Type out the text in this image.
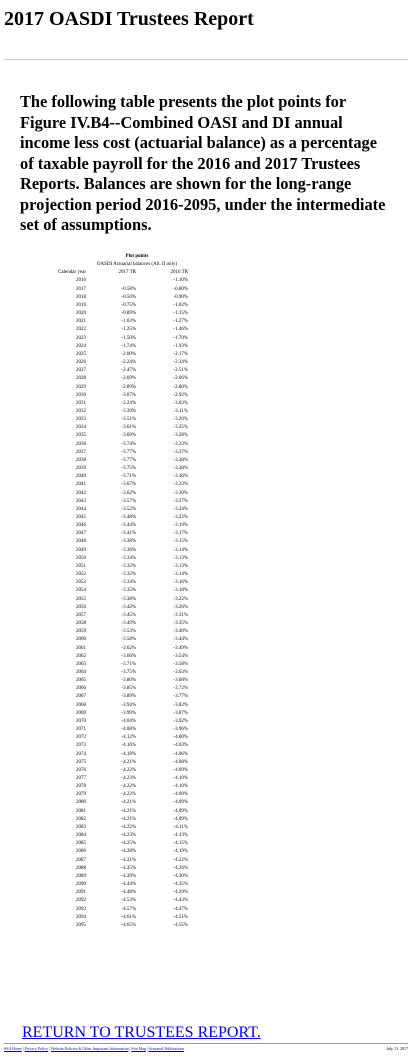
2017 OASDI Trustees Report

The following table presents the plot points for Figure IV.B4--Combined OASI and DI annual income less cost (actuarial balance) as a percentage of taxable payroll for the 2016 and 2017 Trustees Reports. Balances are shown for the long-range projection period 2016-2095, under the intermediate set of assumptions.

	Plot points	
	OASDI Actuarial balances (Alt. II only)	
Calendar year	2017 TR	2016 TR
2016		-1.10%
2017	-0.58%	-0.80%
2018	-0.56%	-0.90%
2019	-0.75%	-1.02%
2020	-0.89%	-1.15%
2021	-1.03%	-1.27%
2022	-1.25%	-1.46%
2023	-1.50%	-1.70%
2024	-1.74%	-1.93%
2025	-2.00%	-2.17%
2026	-2.24%	-2.34%
2027	-2.47%	-2.51%
2028	-2.69%	-2.66%
2029	-2.89%	-2.80%
2030	-3.07%	-2.92%
2031	-3.24%	-3.03%
2032	-3.39%	-3.11%
2033	-3.51%	-3.20%
2034	-3.61%	-3.25%
2035	-3.69%	-3.28%
2036	-3.74%	-3.33%
2037	-3.77%	-3.37%
2038	-3.77%	-3.38%
2039	-3.75%	-3.38%
2040	-3.71%	-3.36%
2041	-3.67%	-3.33%
2042	-3.62%	-3.30%
2043	-3.57%	-3.27%
2044	-3.52%	-3.24%
2045	-3.48%	-3.22%
2046	-3.44%	-3.19%
2047	-3.41%	-3.17%
2048	-3.38%	-3.15%
2049	-3.36%	-3.14%
2050	-3.34%	-3.13%
2051	-3.32%	-3.13%
2052	-3.32%	-3.14%
2053	-3.34%	-3.16%
2054	-3.35%	-3.18%
2055	-3.38%	-3.22%
2056	-3.42%	-3.26%
2057	-3.45%	-3.31%
2058	-3.49%	-3.35%
2059	-3.53%	-3.40%
2060	-3.58%	-3.44%
2061	-3.62%	-3.49%
2062	-3.66%	-3.54%
2063	-3.71%	-3.58%
2064	-3.75%	-3.63%
2065	-3.80%	-3.68%
2066	-3.85%	-3.72%
2067	-3.89%	-3.77%
2068	-3.94%	-3.82%
2069	-3.99%	-3.87%
2070	-4.04%	-3.92%
2071	-4.08%	-3.96%
2072	-4.12%	-4.00%
2073	-4.16%	-4.03%
2074	-4.18%	-4.06%
2075	-4.21%	-4.08%
2076	-4.22%	-4.09%
2077	-4.23%	-4.10%
2078	-4.22%	-4.10%
2079	-4.22%	-4.09%
2080	-4.21%	-4.09%
2081	-4.21%	-4.09%
2082	-4.21%	-4.09%
2083	-4.22%	-4.11%
2084	-4.23%	-4.13%
2085	-4.25%	-4.15%
2086	-4.28%	-4.19%
2087	-4.31%	-4.22%
2088	-4.35%	-4.26%
2089	-4.39%	-4.30%
2090	-4.44%	-4.35%
2091	-4.48%	-4.39%
2092	-4.53%	-4.43%
2093	-4.57%	-4.47%
2094	-4.61%	-4.51%
2095	-4.65%	-4.55%
RETURN TO TRUSTEES REPORT.
SSA Home | Privacy Policy | Website Policies & Other Important Information | Site Map | Actuarial Publications	July 13, 2017
